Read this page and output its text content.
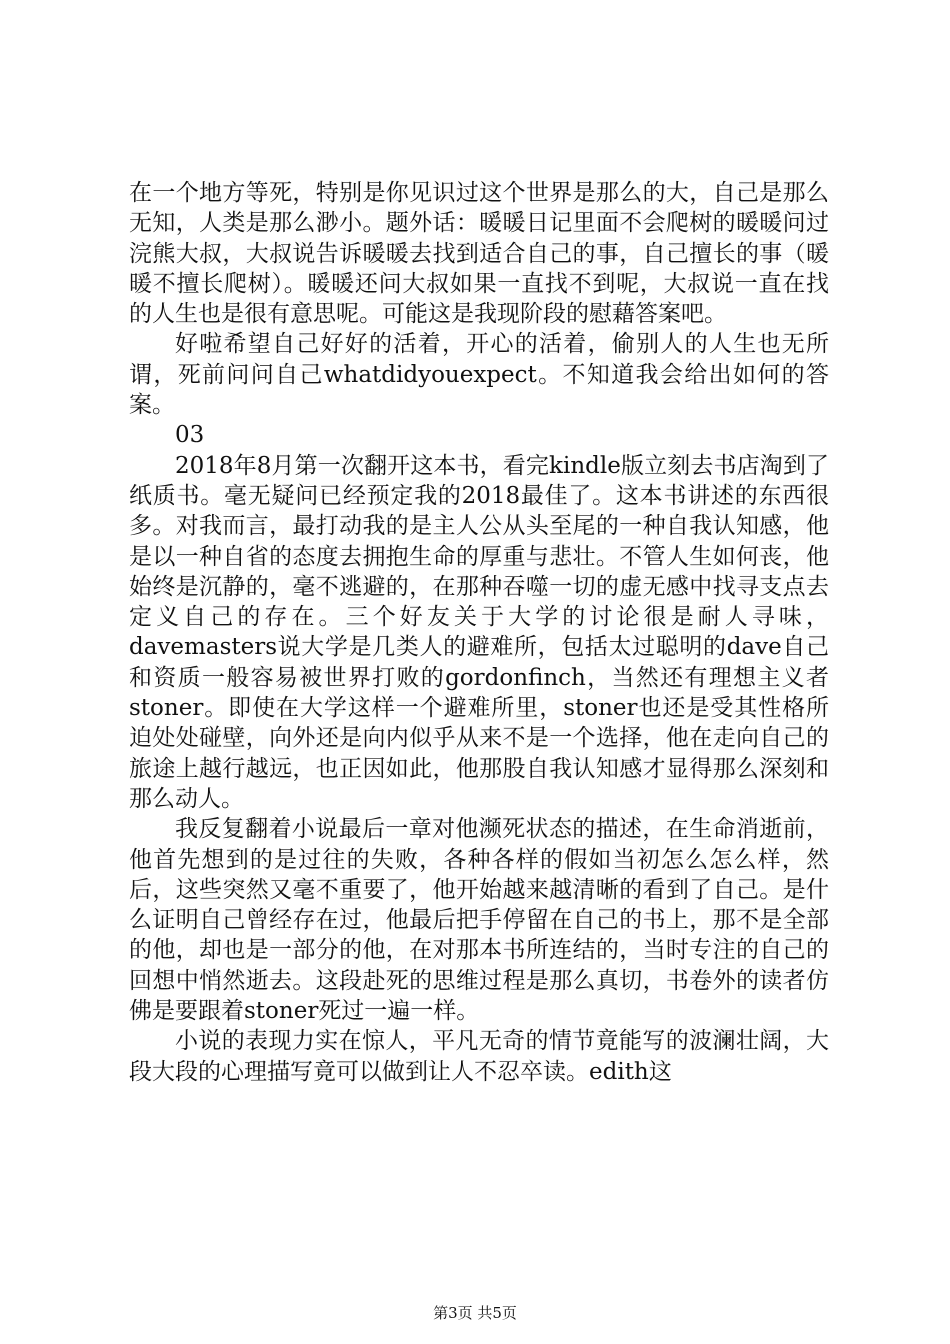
在一个地方等死，特别是你见识过这个世界是那么的大，自己是那么无知，人类是那么渺小。题外话：暖暖日记里面不会爬树的暖暖问过浣熊大叔，大叔说告诉暖暖去找到适合自己的事，自己擅长的事（暖暖不擅长爬树）。暖暖还问大叔如果一直找不到呢，大叔说一直在找的人生也是很有意思呢。可能这是我现阶段的慰藉答案吧。

好啦希望自己好好的活着，开心的活着，偷别人的人生也无所谓，死前问问自己whatdidyouexpect。不知道我会给出如何的答案。

03

2018年8月第一次翻开这本书，看完kindle版立刻去书店淘到了纸质书。毫无疑问已经预定我的2018最佳了。这本书讲述的东西很多。对我而言，最打动我的是主人公从头至尾的一种自我认知感，他是以一种自省的态度去拥抱生命的厚重与悲壮。不管人生如何丧，他始终是沉静的，毫不逃避的，在那种吞噬一切的虚无感中找寻支点去定义自己的存在。三个好友关于大学的讨论很是耐人寻味，davemasters说大学是几类人的避难所，包括太过聪明的dave自己和资质一般容易被世界打败的gordonfinch，当然还有理想主义者stoner。即使在大学这样一个避难所里，stoner也还是受其性格所迫处处碰壁，向外还是向内似乎从来不是一个选择，他在走向自己的旅途上越行越远，也正因如此，他那股自我认知感才显得那么深刻和那么动人。

我反复翻着小说最后一章对他濒死状态的描述，在生命消逝前，他首先想到的是过往的失败，各种各样的假如当初怎么怎么样，然后，这些突然又毫不重要了，他开始越来越清晰的看到了自己。是什么证明自己曾经存在过，他最后把手停留在自己的书上，那不是全部的他，却也是一部分的他，在对那本书所连结的，当时专注的自己的回想中悄然逝去。这段赴死的思维过程是那么真切，书卷外的读者仿佛是要跟着stoner死过一遍一样。

小说的表现力实在惊人，平凡无奇的情节竟能写的波澜壮阔，大段大段的心理描写竟可以做到让人不忍卒读。edith这

第3页 共5页
